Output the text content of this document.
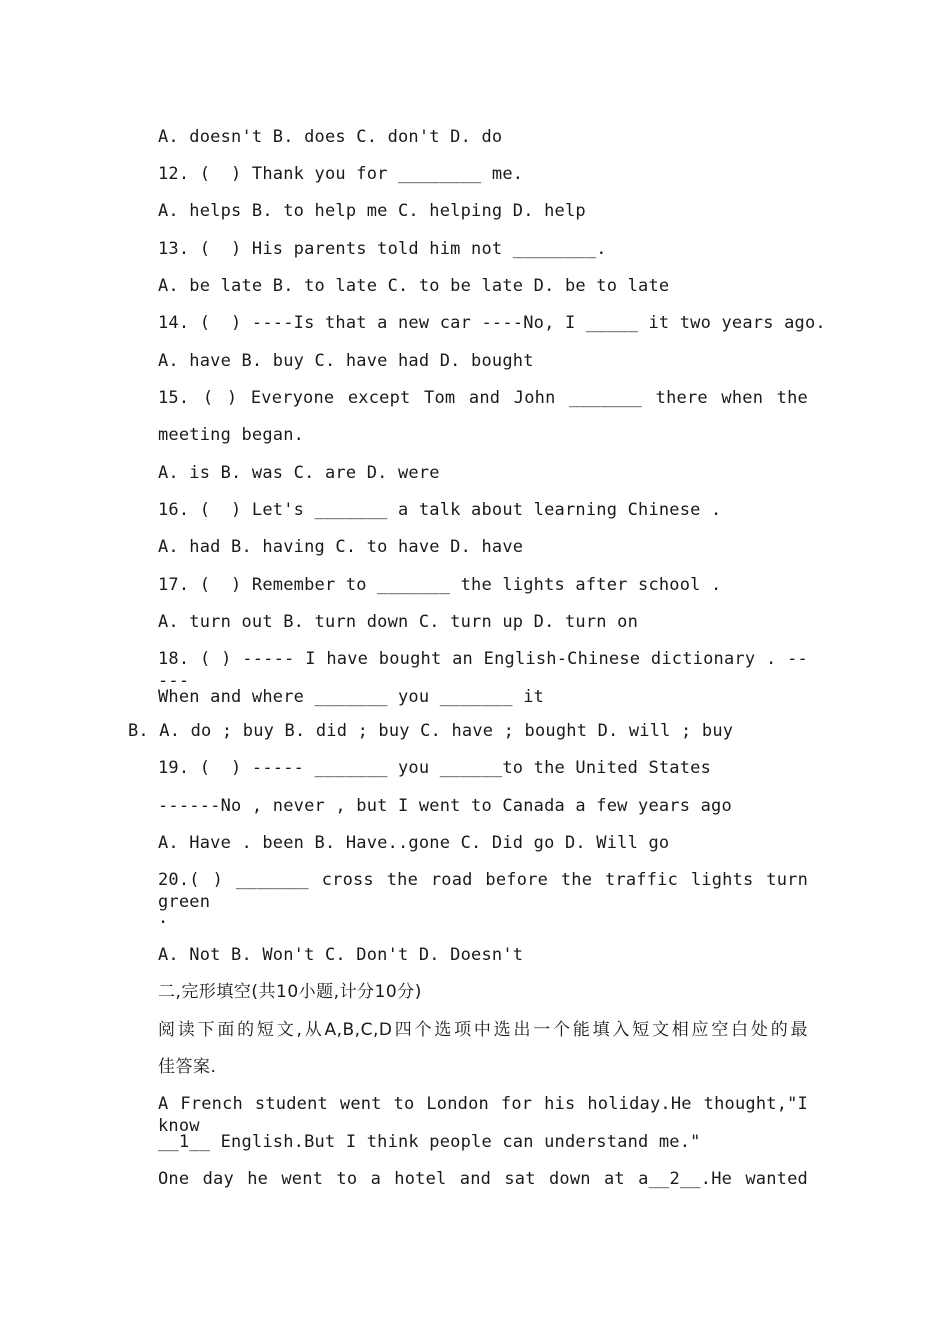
A. doesn't B. does C. don't D. do
12. (  ) Thank you for ________ me.
A. helps B. to help me C. helping D. help
13. (  ) His parents told him not ________.
A. be late B. to late C. to be late D. be to late
14. (  ) ----Is that a new car ----No, I _____ it two years ago.
A. have B. buy C. have had D. bought
15. ( ) Everyone except Tom and John _______ there when the
meeting began.
A. is B. was C. are D. were
16. (  ) Let's _______ a talk about learning Chinese .
A. had B. having C. to have D. have
17. (  ) Remember to _______ the lights after school .
A. turn out B. turn down C. turn up D. turn on
18. ( ) ----- I have bought an English-Chinese dictionary . -----
When and where _______ you _______ it
B. A. do ; buy B. did ; buy C. have ; bought D. will ; buy
19. (  ) ----- _______ you ______to the United States
------No , never , but I went to Canada a few years ago
A. Have . been B. Have..gone C. Did go D. Will go
20.( ) _______ cross the road before the traffic lights turn green
.
A. Not B. Won't C. Don't D. Doesn't
二,完形填空(共10小题,计分10分)
阅读下面的短文,从A,B,C,D四个选项中选出一个能填入短文相应空白处的最
佳答案.
A French student went to London for his holiday.He thought,"I know
__1__ English.But I think people can understand me."
One day he went to a hotel and sat down at a__2__.He wanted
